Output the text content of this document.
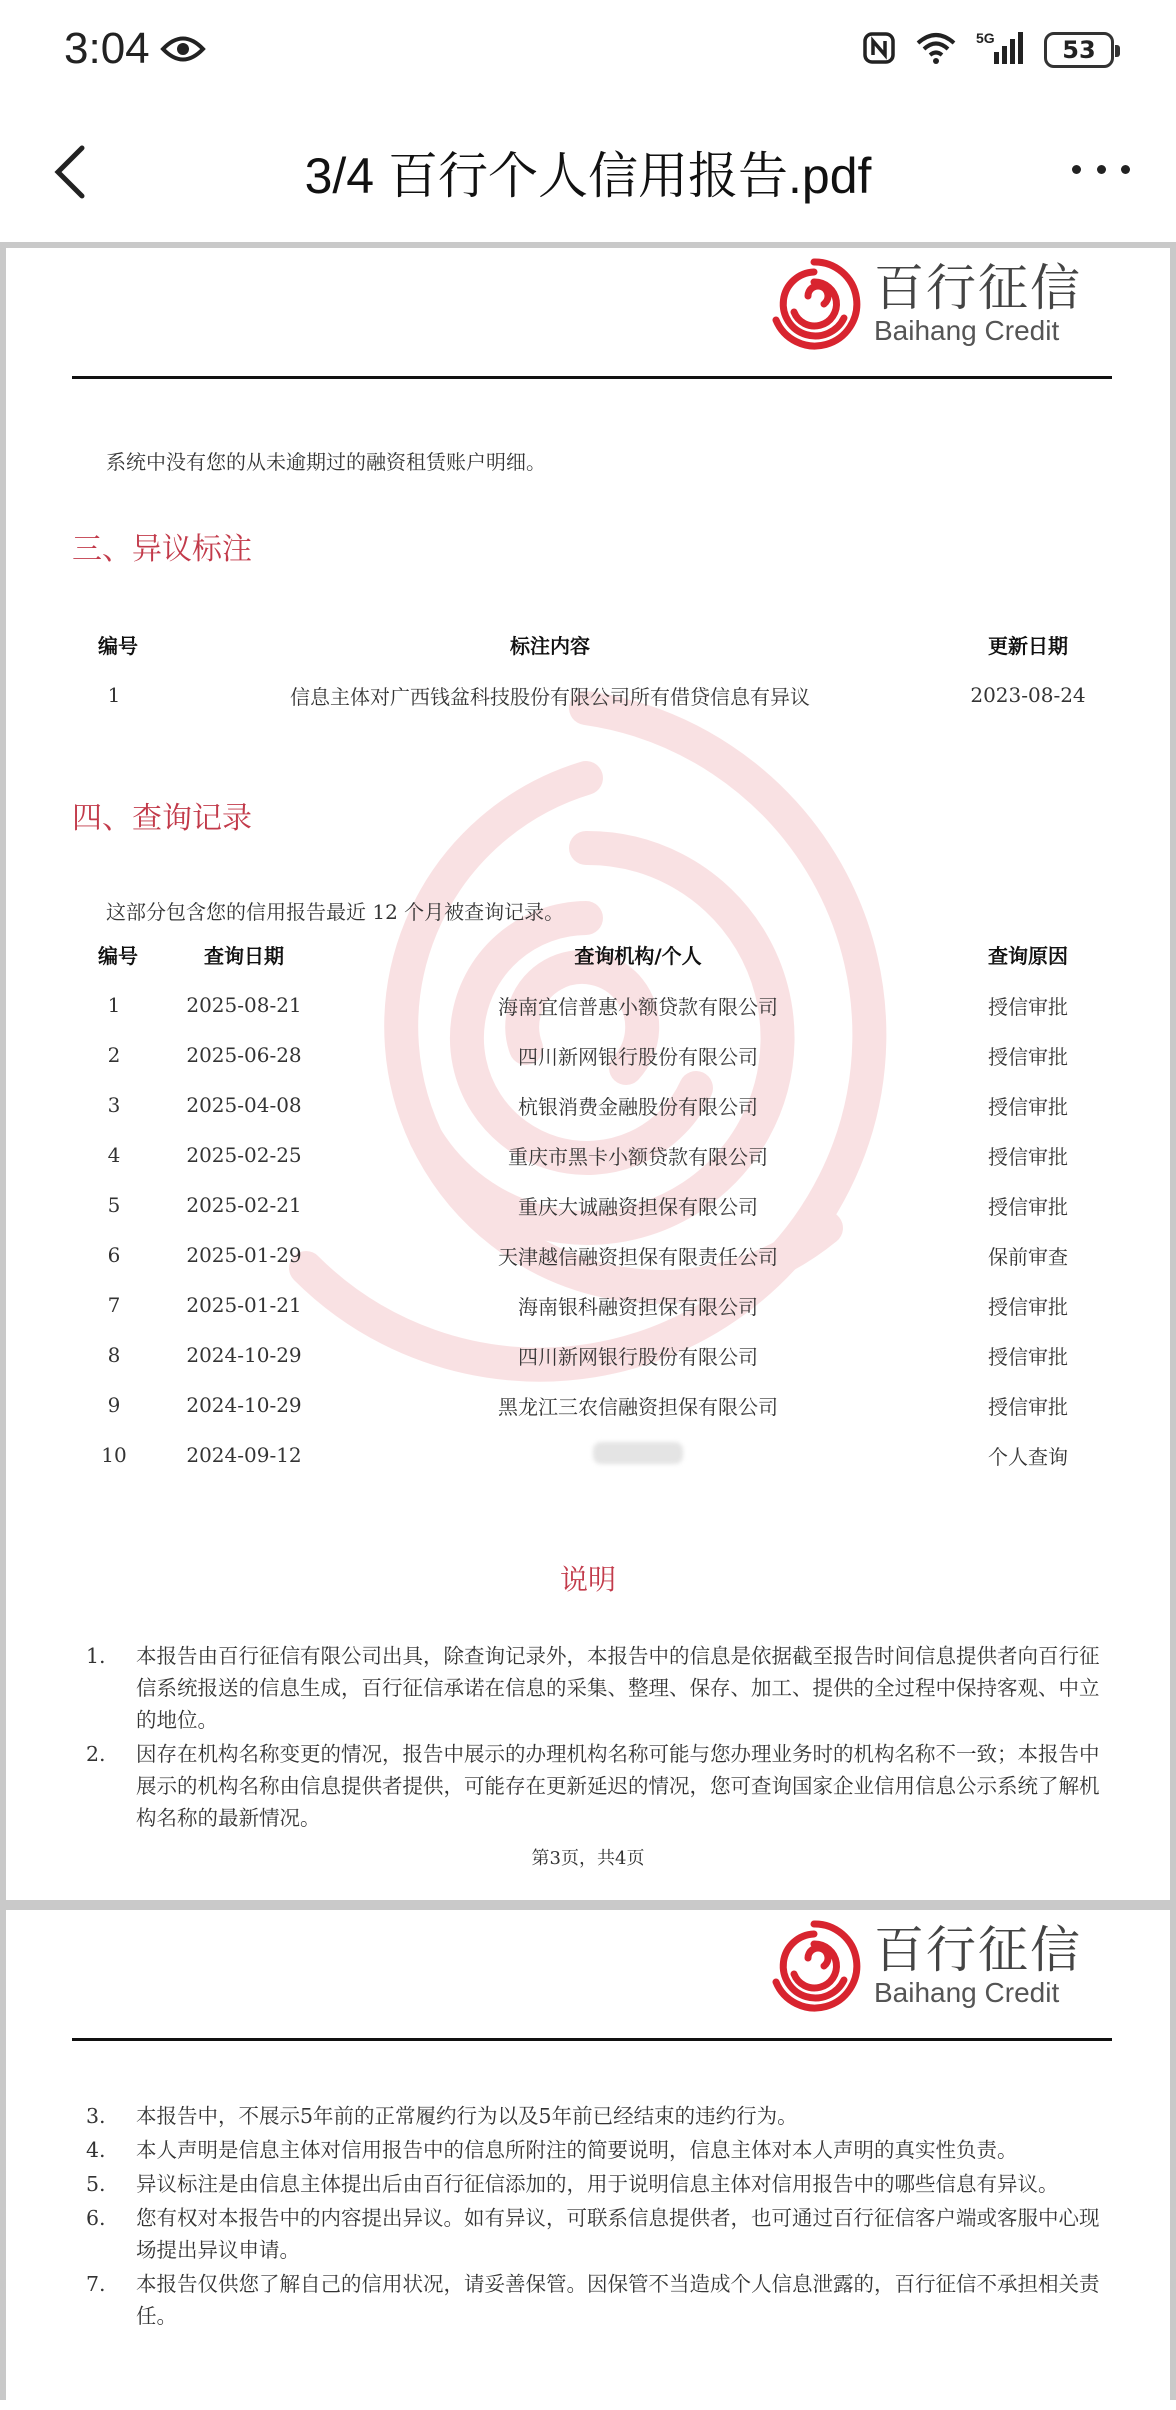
3:04	5G	53
3/4 百行个人信用报告.pdf
百行征信
Baihang Credit
系统中没有您的从未逾期过的融资租赁账户明细。
三、异议标注
编号	标注内容	更新日期
1	信息主体对广西钱盆科技股份有限公司所有借贷信息有异议	2023-08-24
四、查询记录
这部分包含您的信用报告最近 12 个月被查询记录。
编号	查询日期	查询机构/个人	查询原因
1	2025-08-21	海南宜信普惠小额贷款有限公司	授信审批
2	2025-06-28	四川新网银行股份有限公司	授信审批
3	2025-04-08	杭银消费金融股份有限公司	授信审批
4	2025-02-25	重庆市黑卡小额贷款有限公司	授信审批
5	2025-02-21	重庆大诚融资担保有限公司	授信审批
6	2025-01-29	天津越信融资担保有限责任公司	保前审查
7	2025-01-21	海南银科融资担保有限公司	授信审批
8	2024-10-29	四川新网银行股份有限公司	授信审批
9	2024-10-29	黑龙江三农信融资担保有限公司	授信审批
10	2024-09-12		个人查询
说明
1.	本报告由百行征信有限公司出具，除查询记录外，本报告中的信息是依据截至报告时间信息提供者向百行征信系统报送的信息生成，百行征信承诺在信息的采集、整理、保存、加工、提供的全过程中保持客观、中立的地位。
2.	因存在机构名称变更的情况，报告中展示的办理机构名称可能与您办理业务时的机构名称不一致；本报告中展示的机构名称由信息提供者提供，可能存在更新延迟的情况，您可查询国家企业信用信息公示系统了解机构名称的最新情况。
第3页，共4页
百行征信
Baihang Credit
3.	本报告中，不展示5年前的正常履约行为以及5年前已经结束的违约行为。
4.	本人声明是信息主体对信用报告中的信息所附注的简要说明，信息主体对本人声明的真实性负责。
5.	异议标注是由信息主体提出后由百行征信添加的，用于说明信息主体对信用报告中的哪些信息有异议。
6.	您有权对本报告中的内容提出异议。如有异议，可联系信息提供者，也可通过百行征信客户端或客服中心现场提出异议申请。
7.	本报告仅供您了解自己的信用状况，请妥善保管。因保管不当造成个人信息泄露的，百行征信不承担相关责任。
